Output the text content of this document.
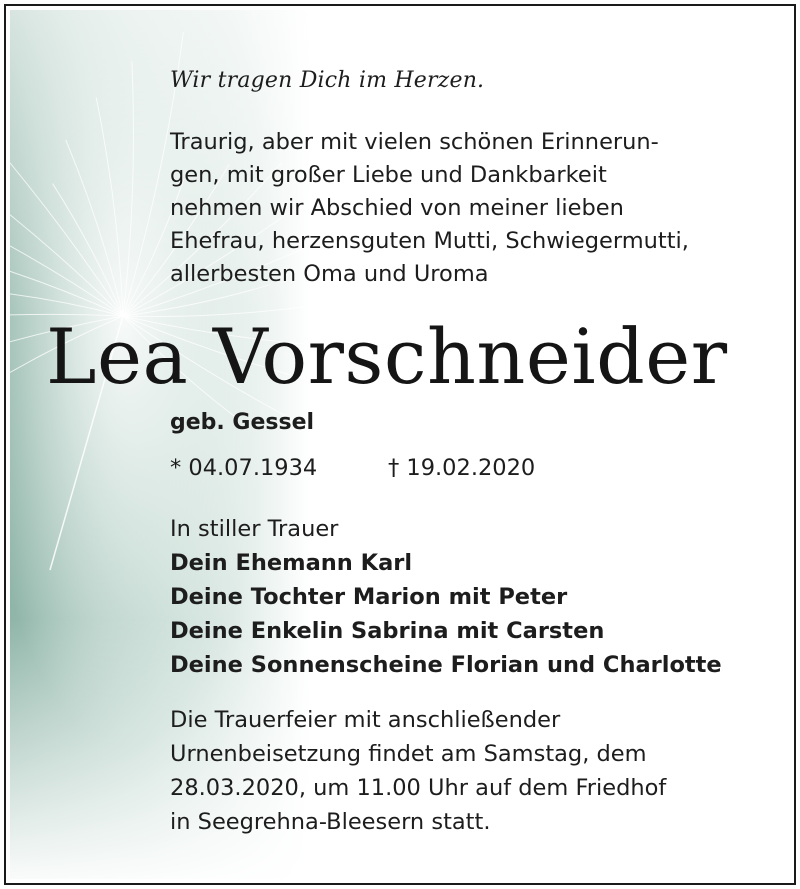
Wir tragen Dich im Herzen.
Traurig, aber mit vielen schönen Erinnerun-
gen, mit großer Liebe und Dankbarkeit
nehmen wir Abschied von meiner lieben
Ehefrau, herzensguten Mutti, Schwiegermutti,
allerbesten Oma und Uroma
Lea Vorschneider
geb. Gessel
* 04.07.1934	† 19.02.2020
In stiller Trauer
Dein Ehemann Karl
Deine Tochter Marion mit Peter
Deine Enkelin Sabrina mit Carsten
Deine Sonnenscheine Florian und Charlotte
Die Trauerfeier mit anschließender
Urnenbeisetzung findet am Samstag, dem
28.03.2020, um 11.00 Uhr auf dem Friedhof
in Seegrehna-Bleesern statt.
